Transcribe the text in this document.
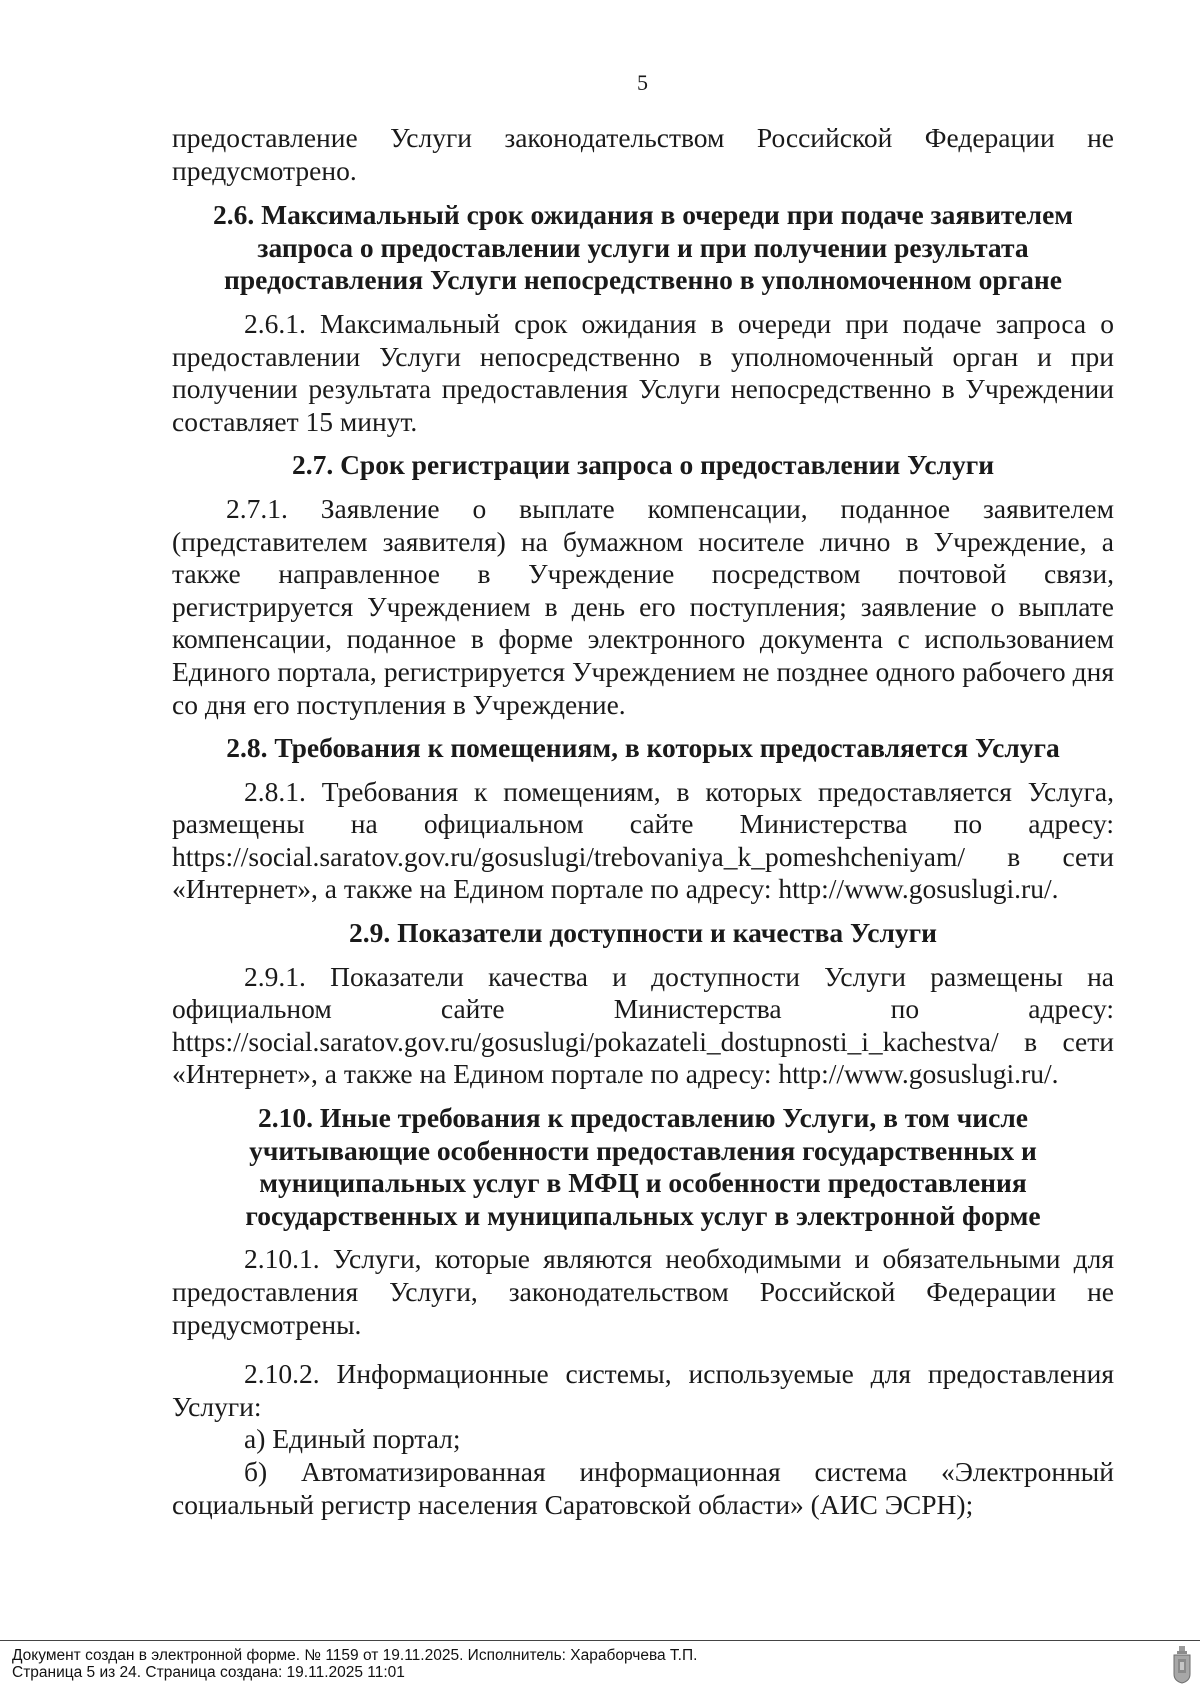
5

предоставление Услуги законодательством Российской Федерации не предусмотрено.

2.6. Максимальный срок ожидания в очереди при подаче заявителем запроса о предоставлении услуги и при получении результата предоставления Услуги непосредственно в уполномоченном органе

2.6.1. Максимальный срок ожидания в очереди при подаче запроса о предоставлении Услуги непосредственно в уполномоченный орган и при получении результата предоставления Услуги непосредственно в Учреждении составляет 15 минут.

2.7. Срок регистрации запроса о предоставлении Услуги

2.7.1. Заявление о выплате компенсации, поданное заявителем (представителем заявителя) на бумажном носителе лично в Учреждение, а также направленное в Учреждение посредством почтовой связи, регистрируется Учреждением в день его поступления; заявление о выплате компенсации, поданное в форме электронного документа с использованием Единого портала, регистрируется Учреждением не позднее одного рабочего дня со дня его поступления в Учреждение.

2.8. Требования к помещениям, в которых предоставляется Услуга

2.8.1. Требования к помещениям, в которых предоставляется Услуга, размещены на официальном сайте Министерства по адресу: https://social.saratov.gov.ru/gosuslugi/trebovaniya_k_pomeshcheniyam/ в сети «Интернет», а также на Едином портале по адресу: http://www.gosuslugi.ru/.

2.9. Показатели доступности и качества Услуги

2.9.1. Показатели качества и доступности Услуги размещены на официальном сайте Министерства по адресу: https://social.saratov.gov.ru/gosuslugi/pokazateli_dostupnosti_i_kachestva/ в сети «Интернет», а также на Едином портале по адресу: http://www.gosuslugi.ru/.

2.10. Иные требования к предоставлению Услуги, в том числе учитывающие особенности предоставления государственных и муниципальных услуг в МФЦ и особенности предоставления государственных и муниципальных услуг в электронной форме

2.10.1. Услуги, которые являются необходимыми и обязательными для предоставления Услуги, законодательством Российской Федерации не предусмотрены.

2.10.2. Информационные системы, используемые для предоставления Услуги:

а) Единый портал;

б) Автоматизированная информационная система «Электронный социальный регистр населения Саратовской области» (АИС ЭСРН);

Документ создан в электронной форме. № 1159 от 19.11.2025. Исполнитель: Хараборчева Т.П.
Страница 5 из 24. Страница создана: 19.11.2025 11:01
